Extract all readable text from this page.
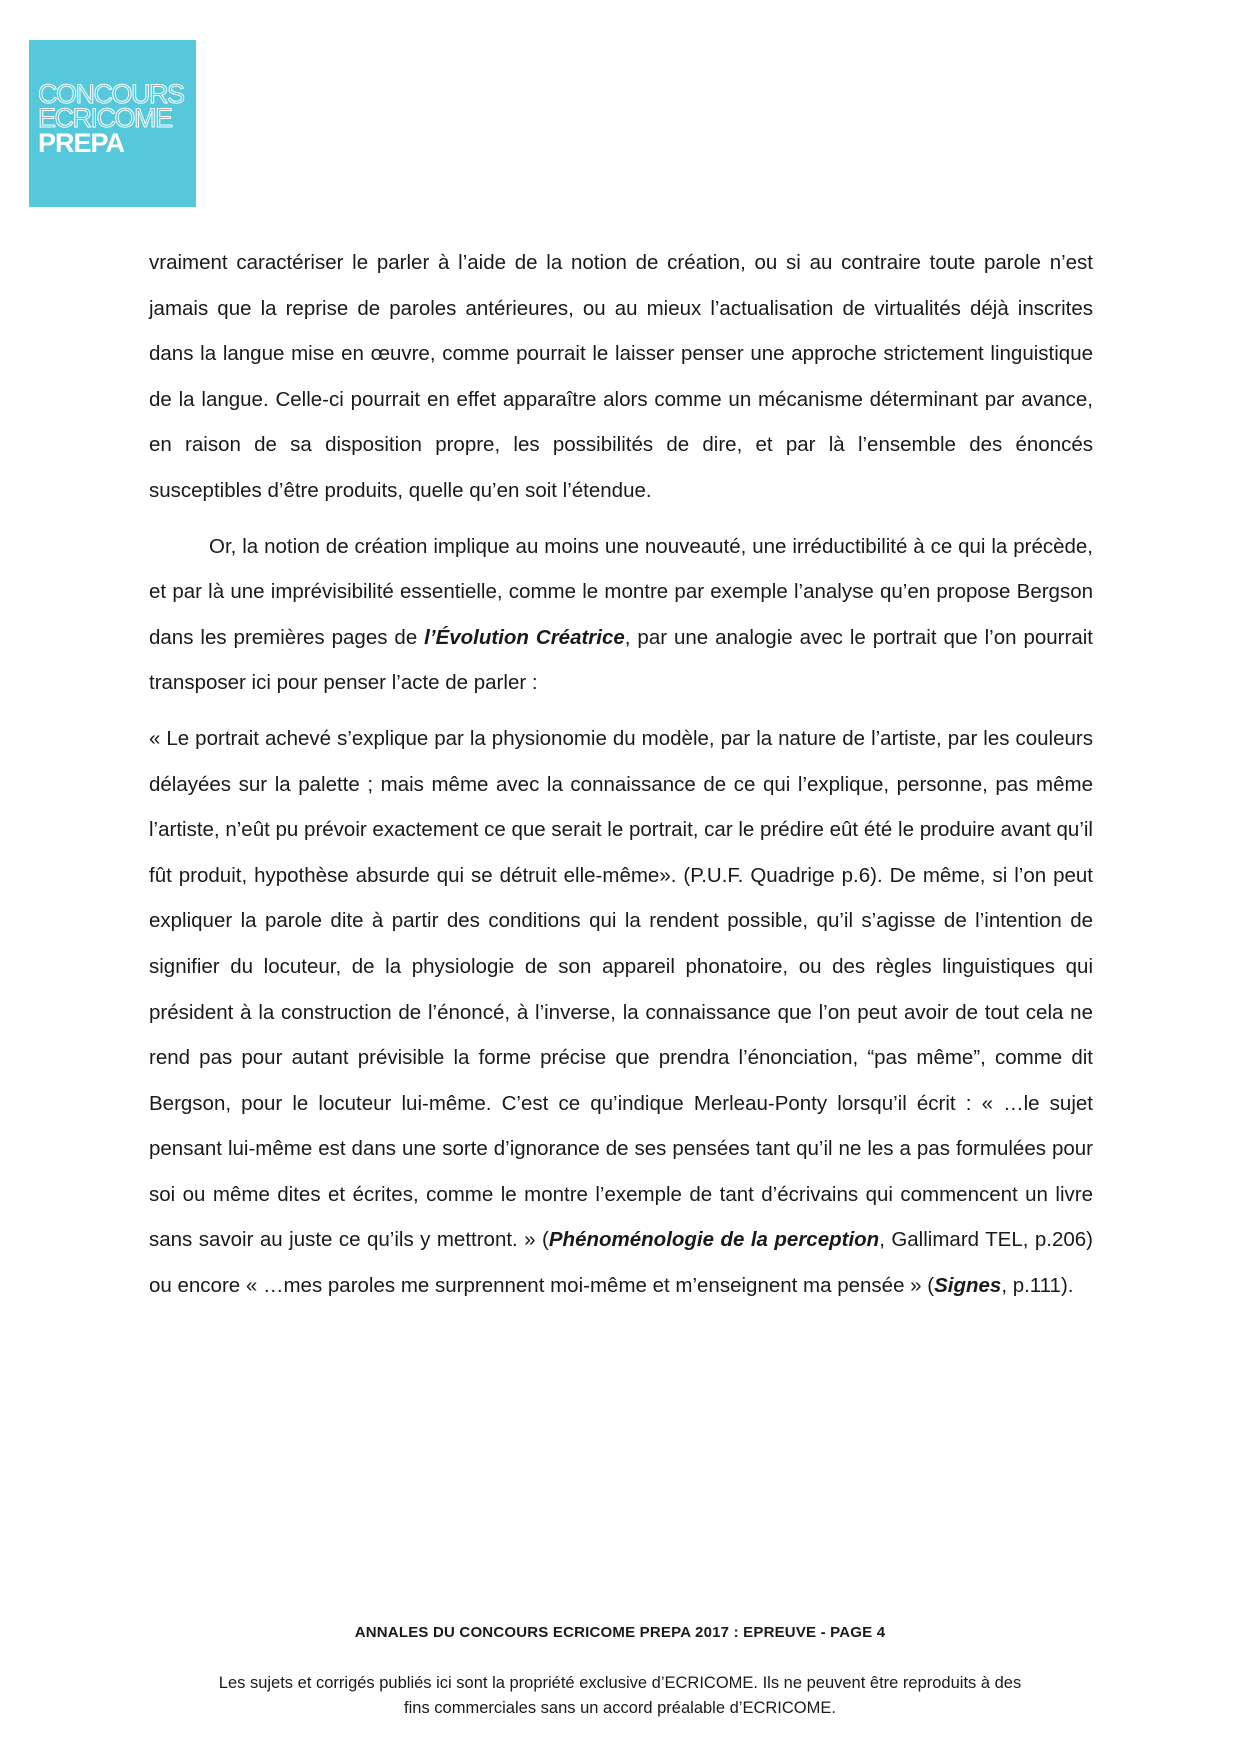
CONCOURS
ECRICOME
PREPA

vraiment caractériser le parler à l’aide de la notion de création, ou si au contraire toute parole n’est jamais que la reprise de paroles antérieures, ou au mieux l’actualisation de virtualités déjà inscrites dans la langue mise en œuvre, comme pourrait le laisser penser une approche strictement linguistique de la langue. Celle-ci pourrait en effet apparaître alors comme un mécanisme déterminant par avance, en raison de sa disposition propre, les possibilités de dire, et par là l’ensemble des énoncés susceptibles d’être produits, quelle qu’en soit l’étendue.

Or, la notion de création implique au moins une nouveauté, une irréductibilité à ce qui la précède, et par là une imprévisibilité essentielle, comme le montre par exemple l’analyse qu’en propose Bergson dans les premières pages de l’Évolution Créatrice, par une analogie avec le portrait que l’on pourrait transposer ici pour penser l’acte de parler :

« Le portrait achevé s’explique par la physionomie du modèle, par la nature de l’artiste, par les couleurs délayées sur la palette ; mais même avec la connaissance de ce qui l’explique, personne, pas même l’artiste, n’eût pu prévoir exactement ce que serait le portrait, car le prédire eût été le produire avant qu’il fût produit, hypothèse absurde qui se détruit elle-même». (P.U.F. Quadrige p.6). De même, si l’on peut expliquer la parole dite à partir des conditions qui la rendent possible, qu’il s’agisse de l’intention de signifier du locuteur, de la physiologie de son appareil phonatoire, ou des règles linguistiques qui président à la construction de l’énoncé, à l’inverse, la connaissance que l’on peut avoir de tout cela ne rend pas pour autant prévisible la forme précise que prendra l’énonciation, “pas même”, comme dit Bergson, pour le locuteur lui-même. C’est ce qu’indique Merleau-Ponty lorsqu’il écrit : « …le sujet pensant lui-même est dans une sorte d’ignorance de ses pensées tant qu’il ne les a pas formulées pour soi ou même dites et écrites, comme le montre l’exemple de tant d’écrivains qui commencent un livre sans savoir au juste ce qu’ils y mettront. » (Phénoménologie de la perception, Gallimard TEL, p.206) ou encore « …mes paroles me surprennent moi-même et m’enseignent ma pensée » (Signes, p.111).

ANNALES DU CONCOURS ECRICOME PREPA 2017 : EPREUVE - PAGE 4
Les sujets et corrigés publiés ici sont la propriété exclusive d’ECRICOME. Ils ne peuvent être reproduits à des
fins commerciales sans un accord préalable d’ECRICOME.
